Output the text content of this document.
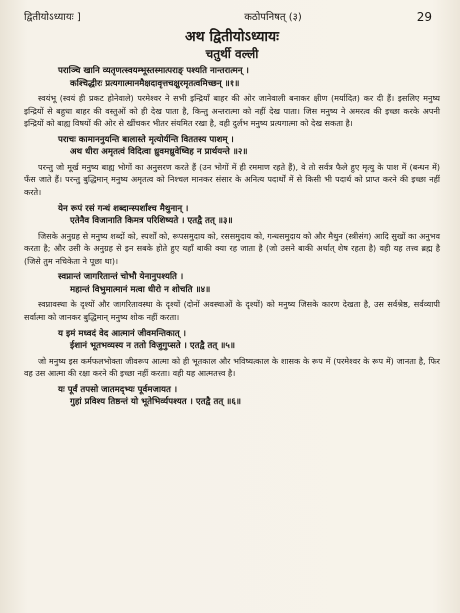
द्वितीयोऽध्यायः ]	कठोपनिषत् (३)	29
अथ द्वितीयोऽध्यायः
चतुर्थी वल्ली
पराञ्चि खानि व्यतृणत्स्वयम्भूस्तस्मात्पराङ् पश्यति नान्तरात्मन् ।
कश्चिद्धीरः प्रत्यगात्मानमैक्षदावृत्तचक्षुरमृतत्वमिच्छन् ॥१॥

स्वयंभू (स्वयं ही प्रकट होनेवाले) परमेश्वर ने सभी इन्द्रियाँ बाहर की ओर जानेवाली बनाकर क्षीण (मर्यादित) कर दी हैं। इसलिए मनुष्य इन्द्रियों से बहुधा बाहर की वस्तुओं को ही देख पाता है, किन्तु अन्तरात्मा को नहीं देख पाता। जिस मनुष्य ने अमरत्व की इच्छा करके अपनी इन्द्रियों को बाह्य विषयों की ओर से खींचकर भीतर संयमित रखा है, वही दुर्लभ मनुष्य प्रत्यगात्मा को देख सकता है।

पराचः कामाननुयन्ति बालास्ते मृत्योर्यन्ति विततस्य पाशम् ।
अथ धीरा अमृतत्वं विदित्वा ध्रुवमध्रुवेष्विह न प्रार्थयन्ते ॥२॥

परन्तु जो मूर्ख मनुष्य बाह्य भोगों का अनुसरण करते हैं (उन भोगों में ही रममाण रहते हैं), वे तो सर्वत्र फैले हुए मृत्यु के पाश में (बन्धन में) फँस जाते हैं। परन्तु बुद्धिमान् मनुष्य अमृतत्व को निश्चल मानकर संसार के अनित्य पदार्थों में से किसी भी पदार्थ को प्राप्त करने की इच्छा नहीं करते।

येन रूपं रसं गन्धं शब्दान्स्पर्शांश्च मैथुनान् ।
एतेनैव विजानाति किमत्र परिशिष्यते । एतद्वै तत् ॥३॥

जिसके अनुग्रह से मनुष्य शब्दों को, स्पर्शों को, रूपसमुदाय को, रससमुदाय को, गन्धसमुदाय को और मैथुन (स्त्रीसंग) आदि सुखों का अनुभव करता है; और उसी के अनुग्रह से इन सबके होते हुए यहाँ बाकी क्या रह जाता है (जो उसने बाकी अर्थात् शेष रहता है) वही यह तत्त्व ब्रह्म है (जिसे तुम नचिकेता ने पूछा था)।

स्वप्नान्तं जागरितान्तं चोभौ येनानुपश्यति ।
महान्तं विभुमात्मानं मत्वा धीरो न शोचति ॥४॥

स्वप्नावस्था के दृश्यों और जागरितावस्था के दृश्यों (दोनों अवस्थाओं के दृश्यों) को मनुष्य जिसके कारण देखता है, उस सर्वश्रेष्ठ, सर्वव्यापी सर्वात्मा को जानकर बुद्धिमान् मनुष्य शोक नहीं करता।

य इमं मध्वदं वेद आत्मानं जीवमन्तिकात् ।
ईशानं भूतभव्यस्य न ततो विजुगुप्सते । एतद्वै तत् ॥५॥

जो मनुष्य इस कर्मफलभोक्ता जीवरूप आत्मा को ही भूतकाल और भविष्यत्काल के शासक के रूप में (परमेश्वर के रूप में) जानता है, फिर वह उस आत्मा की रक्षा करने की इच्छा नहीं करता। वही यह आत्मतत्त्व है।

यः पूर्वं तपसो जातमद्भ्यः पूर्वमजायत ।
गुहां प्रविश्य तिष्ठन्तं यो भूतेभिर्व्यपश्यत । एतद्वै तत् ॥६॥
